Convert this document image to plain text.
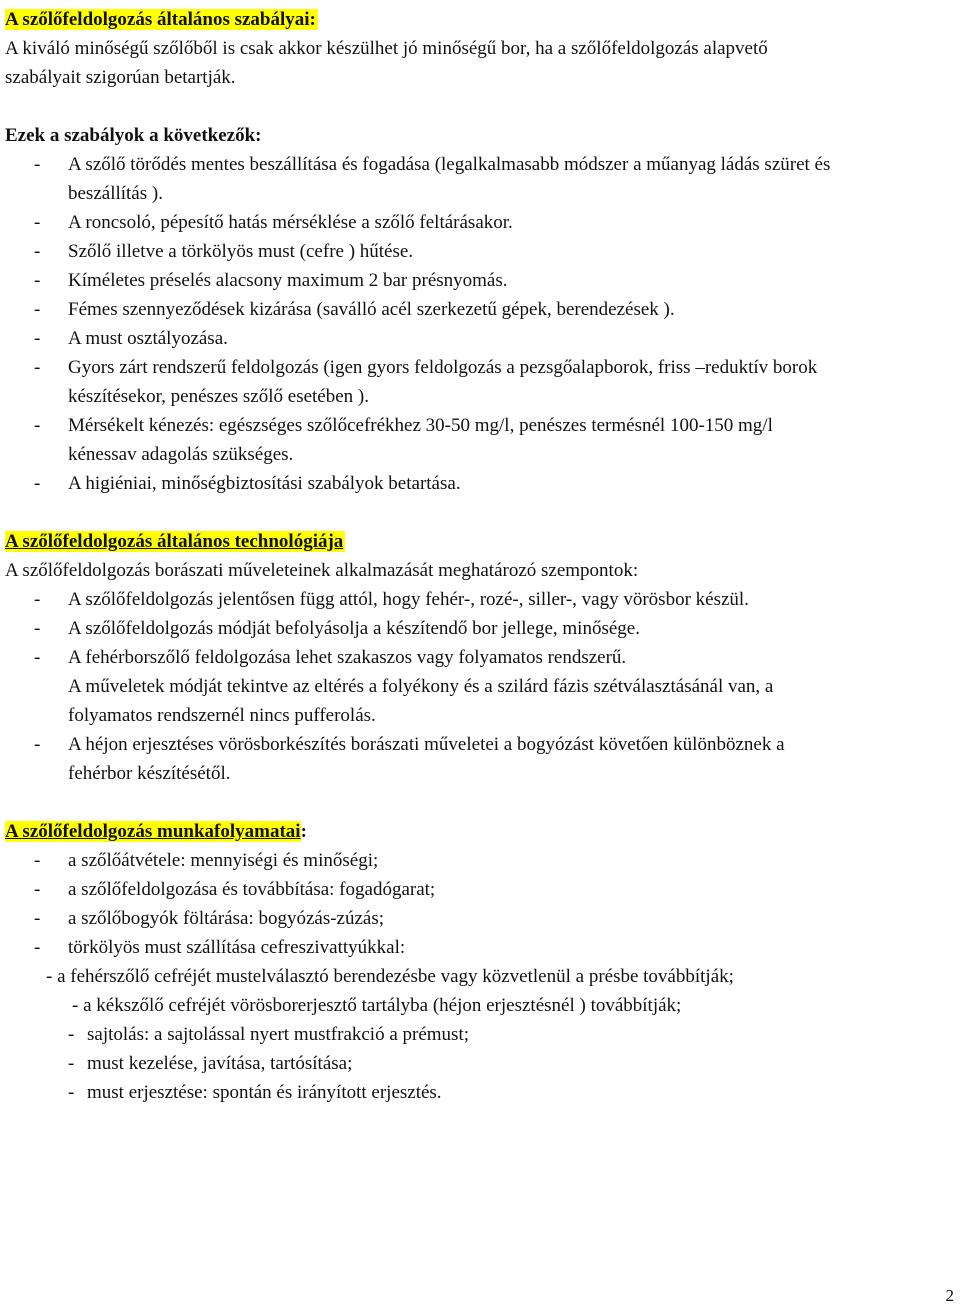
A szőlőfeldolgozás általános szabályai:
A kiváló minőségű szőlőből is csak akkor készülhet jó minőségű bor, ha a szőlőfeldolgozás alapvető
szabályait szigorúan betartják.
Ezek a szabályok a következők:
- A szőlő törődés mentes beszállítása és fogadása (legalkalmasabb módszer a műanyag ládás szüret és
beszállítás ).
- A roncsoló, pépesítő hatás mérséklése a szőlő feltárásakor.
- Szőlő illetve a törkölyös must (cefre ) hűtése.
- Kíméletes préselés alacsony maximum 2 bar présnyomás.
- Fémes szennyeződések kizárása (saválló acél szerkezetű gépek, berendezések ).
- A must osztályozása.
- Gyors zárt rendszerű feldolgozás (igen gyors feldolgozás a pezsgőalapborok, friss –reduktív borok
készítésekor, penészes szőlő esetében ).
- Mérsékelt kénezés: egészséges szőlőcefrékhez 30-50 mg/l, penészes termésnél 100-150 mg/l
kénessav adagolás szükséges.
- A higiéniai, minőségbiztosítási szabályok betartása.
A szőlőfeldolgozás általános technológiája
A szőlőfeldolgozás borászati műveleteinek alkalmazását meghatározó szempontok:
- A szőlőfeldolgozás jelentősen függ attól, hogy fehér-, rozé-, siller-, vagy vörösbor készül.
- A szőlőfeldolgozás módját befolyásolja a készítendő bor jellege, minősége.
- A fehérborszőlő feldolgozása lehet szakaszos vagy folyamatos rendszerű.
A műveletek módját tekintve az eltérés a folyékony és a szilárd fázis szétválasztásánál van, a
folyamatos rendszernél nincs pufferolás.
- A héjon erjesztéses vörösborkészítés borászati műveletei a bogyózást követően különböznek a
fehérbor készítésétől.
A szőlőfeldolgozás munkafolyamatai:
- a szőlőátvétele: mennyiségi és minőségi;
- a szőlőfeldolgozása és továbbítása: fogadógarat;
- a szőlőbogyók föltárása: bogyózás-zúzás;
- törkölyös must szállítása cefreszivattyúkkal:
- a fehérszőlő cefréjét mustelválasztó berendezésbe vagy közvetlenül a présbe továbbítják;
- a kékszőlő cefréjét vörösborerjesztő tartályba (héjon erjesztésnél ) továbbítják;
- sajtolás: a sajtolással nyert mustfrakció a prémust;
- must kezelése, javítása, tartósítása;
- must erjesztése: spontán és irányított erjesztés.
2
